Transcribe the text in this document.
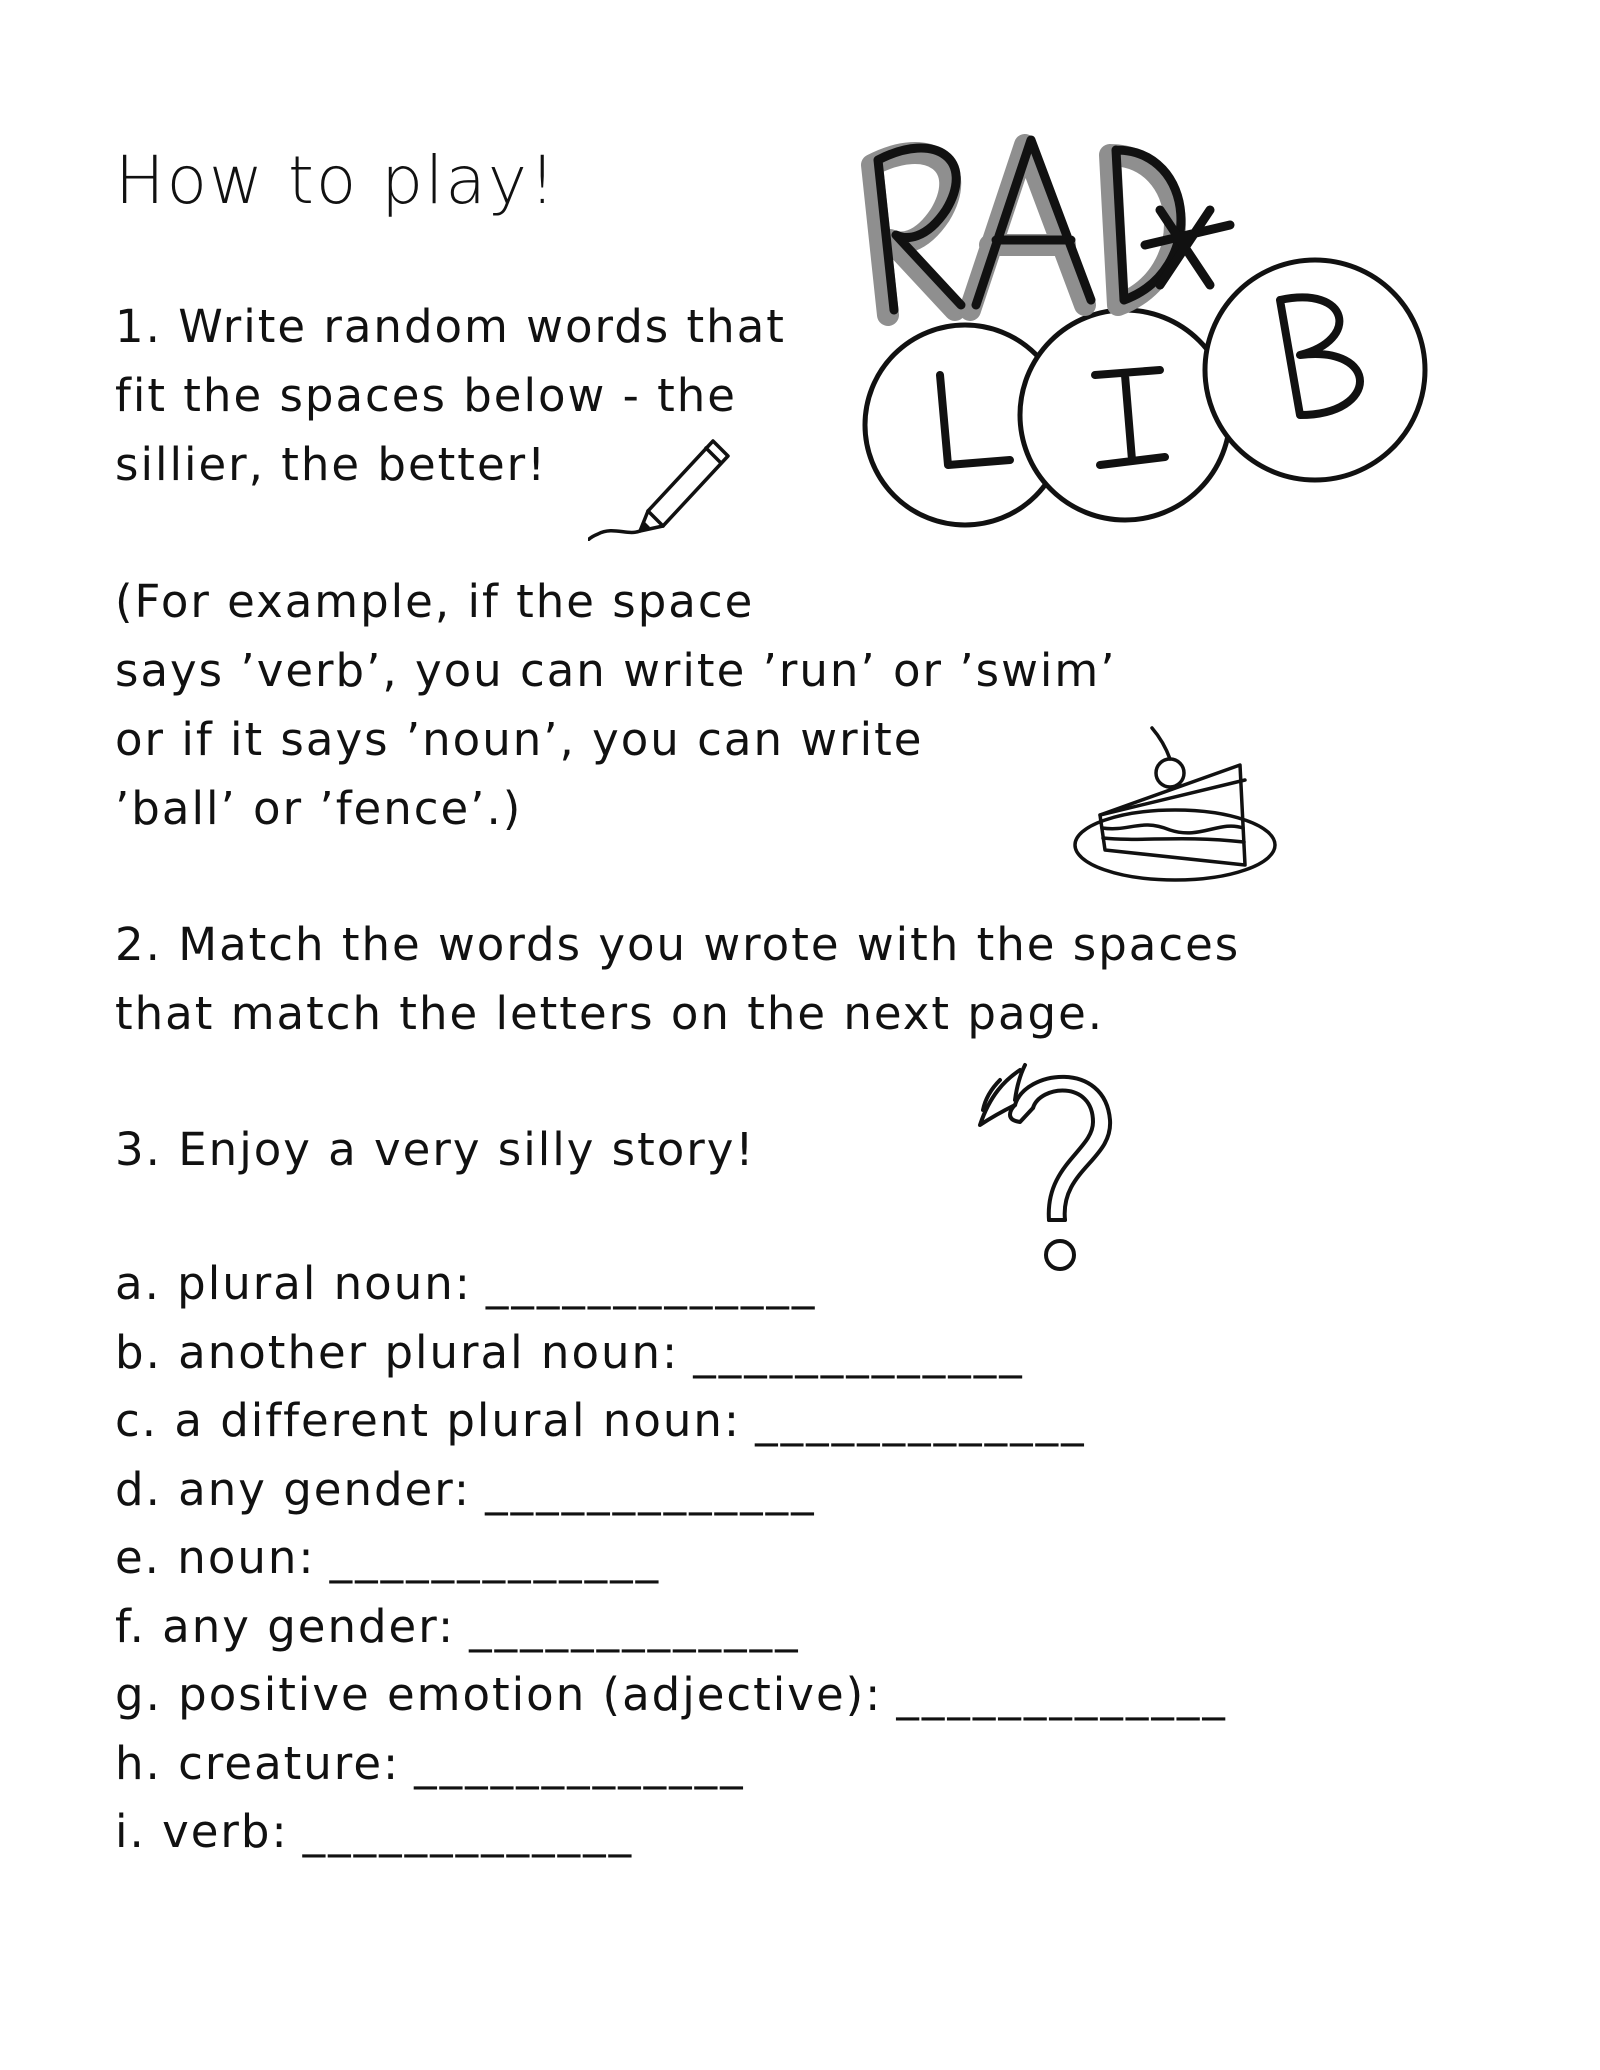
How to play!
1. Write random words that
fit the spaces below - the
sillier, the better!
(For example, if the space
says ’verb’, you can write ’run’ or ’swim’
or if it says ’noun’, you can write
’ball’ or ’fence’.)
2. Match the words you wrote with the spaces
that match the letters on the next page.
3. Enjoy a very silly story!
a. plural noun: _____________
b. another plural noun: _____________
c. a different plural noun: _____________
d. any gender: _____________
e. noun: _____________
f. any gender: _____________
g. positive emotion (adjective): _____________
h. creature: _____________
i. verb: _____________
